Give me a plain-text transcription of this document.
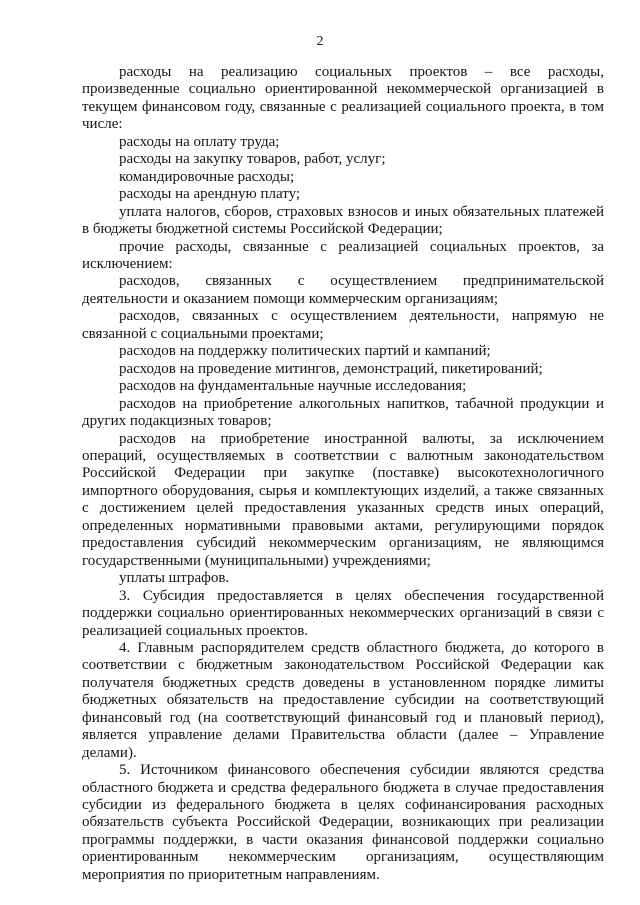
2

расходы на реализацию социальных проектов – все расходы, произведенные социально ориентированной некоммерческой организацией в текущем финансовом году, связанные с реализацией социального проекта, в том числе:

расходы на оплату труда;

расходы на закупку товаров, работ, услуг;

командировочные расходы;

расходы на арендную плату;

уплата налогов, сборов, страховых взносов и иных обязательных платежей в бюджеты бюджетной системы Российской Федерации;

прочие расходы, связанные с реализацией социальных проектов, за исключением:

расходов, связанных с осуществлением предпринимательской деятельности и оказанием помощи коммерческим организациям;

расходов, связанных с осуществлением деятельности, напрямую не связанной с социальными проектами;

расходов на поддержку политических партий и кампаний;

расходов на проведение митингов, демонстраций, пикетирований;

расходов на фундаментальные научные исследования;

расходов на приобретение алкогольных напитков, табачной продукции и других подакцизных товаров;

расходов на приобретение иностранной валюты, за исключением операций, осуществляемых в соответствии с валютным законодательством Российской Федерации при закупке (поставке) высокотехнологичного импортного оборудования, сырья и комплектующих изделий, а также связанных с достижением целей предоставления указанных средств иных операций, определенных нормативными правовыми актами, регулирующими порядок предоставления субсидий некоммерческим организациям, не являющимся государственными (муниципальными) учреждениями;

уплаты штрафов.

3. Субсидия предоставляется в целях обеспечения государственной поддержки социально ориентированных некоммерческих организаций в связи с реализацией социальных проектов.

4. Главным распорядителем средств областного бюджета, до которого в соответствии с бюджетным законодательством Российской Федерации как получателя бюджетных средств доведены в установленном порядке лимиты бюджетных обязательств на предоставление субсидии на соответствующий финансовый год (на соответствующий финансовый год и плановый период), является управление делами Правительства области (далее – Управление делами).

5. Источником финансового обеспечения субсидии являются средства областного бюджета и средства федерального бюджета в случае предоставления субсидии из федерального бюджета в целях софинансирования расходных обязательств субъекта Российской Федерации, возникающих при реализации программы поддержки, в части оказания финансовой поддержки социально ориентированным некоммерческим организациям, осуществляющим мероприятия по приоритетным направлениям.
